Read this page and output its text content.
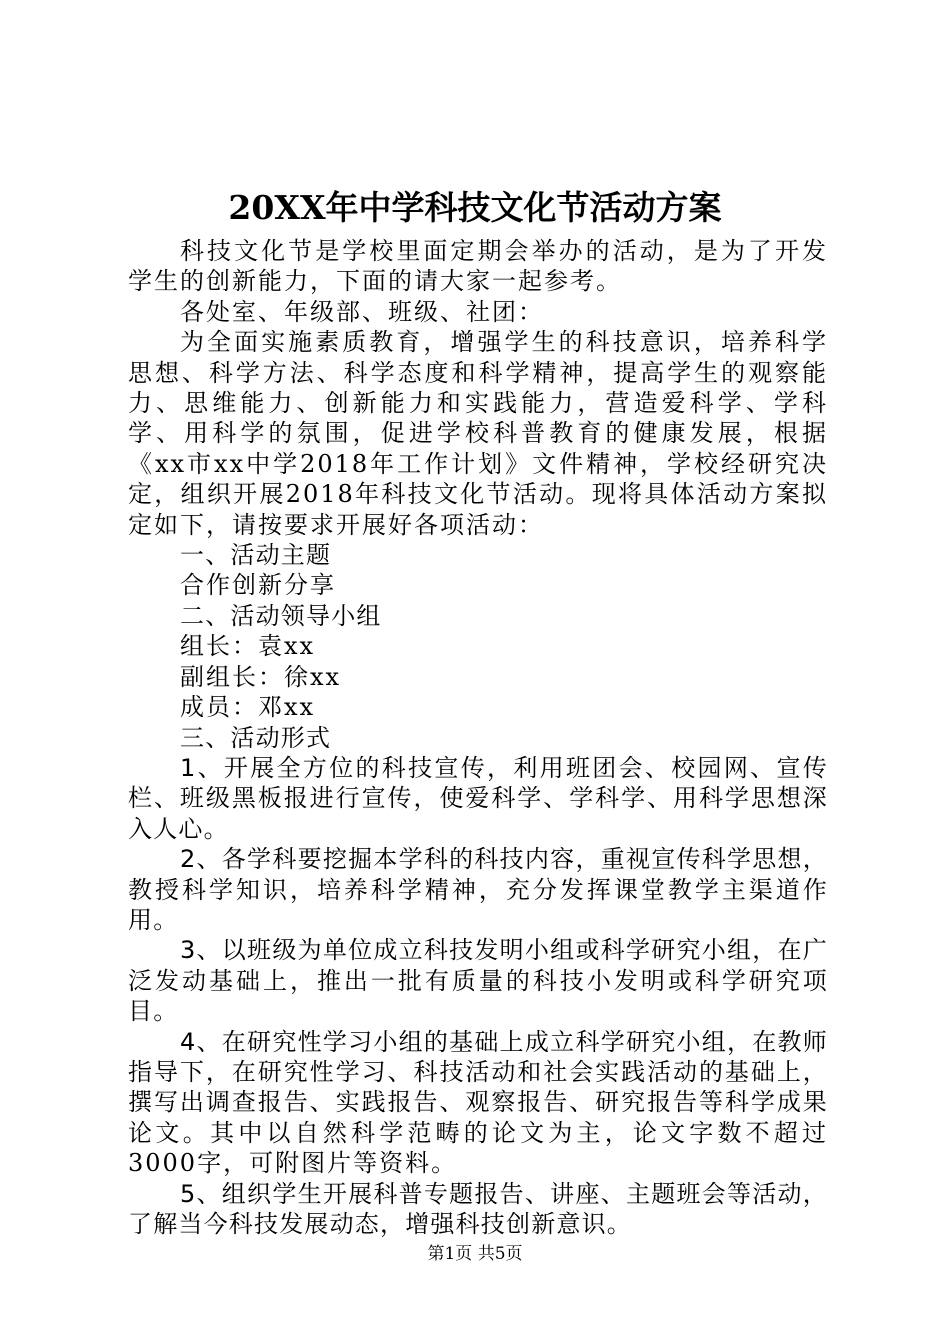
20XX年中学科技文化节活动方案

科技文化节是学校里面定期会举办的活动，是为了开发学生的创新能力，下面的请大家一起参考。

各处室、年级部、班级、社团：

为全面实施素质教育，增强学生的科技意识，培养科学思想、科学方法、科学态度和科学精神，提高学生的观察能力、思维能力、创新能力和实践能力，营造爱科学、学科学、用科学的氛围，促进学校科普教育的健康发展，根据《xx市xx中学2018年工作计划》文件精神，学校经研究决定，组织开展2018年科技文化节活动。现将具体活动方案拟定如下，请按要求开展好各项活动：

一、活动主题

合作创新分享

二、活动领导小组

组长：袁xx

副组长：徐xx

成员：邓xx

三、活动形式

1、开展全方位的科技宣传，利用班团会、校园网、宣传栏、班级黑板报进行宣传，使爱科学、学科学、用科学思想深入人心。

2、各学科要挖掘本学科的科技内容，重视宣传科学思想，教授科学知识，培养科学精神，充分发挥课堂教学主渠道作用。

3、以班级为单位成立科技发明小组或科学研究小组，在广泛发动基础上，推出一批有质量的科技小发明或科学研究项目。

4、在研究性学习小组的基础上成立科学研究小组，在教师指导下，在研究性学习、科技活动和社会实践活动的基础上，撰写出调查报告、实践报告、观察报告、研究报告等科学成果论文。其中以自然科学范畴的论文为主，论文字数不超过3000字，可附图片等资料。

5、组织学生开展科普专题报告、讲座、主题班会等活动，了解当今科技发展动态，增强科技创新意识。

第1页 共5页
